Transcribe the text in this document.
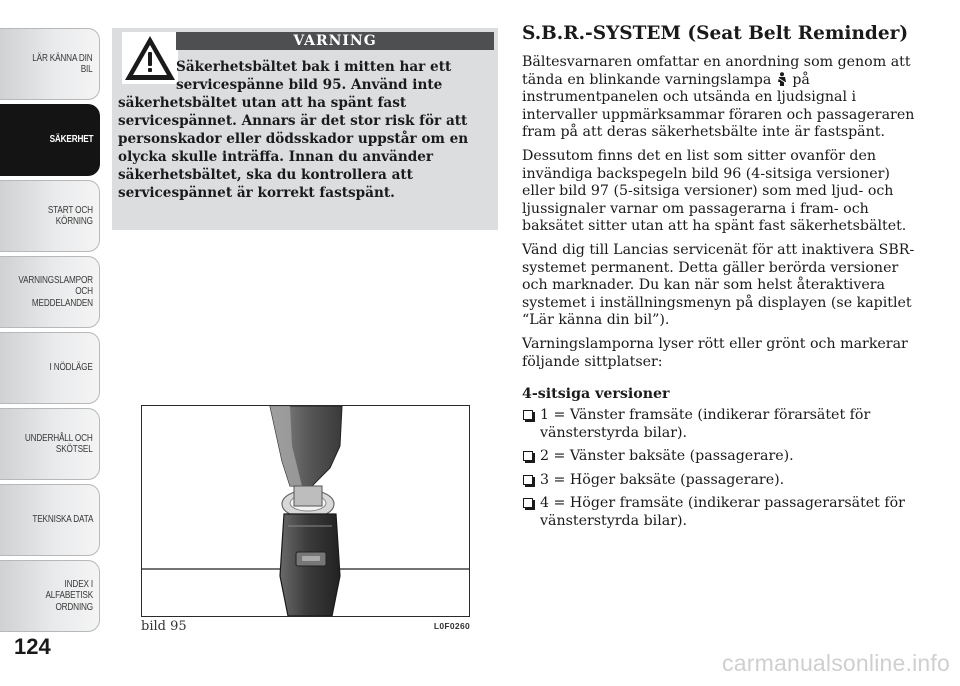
LÄR KÄNNA DIN
BIL
SÄKERHET
START OCH
KÖRNING
VARNINGSLAMPOR
OCH
MEDDELANDEN
I NÖDLÄGE
UNDERHÅLL OCH
SKÖTSEL
TEKNISKA DATA
INDEX I
ALFABETISK
ORDNING
124
VARNING
Säkerhetsbältet bak i mitten har ett servicespänne bild 95. Använd inte säkerhetsbältet utan att ha spänt fast servicespännet. Annars är det stor risk för att personskador eller dödsskador uppstår om en olycka skulle inträffa. Innan du använder säkerhetsbältet, ska du kontrollera att servicespännet är korrekt fastspänt.
bild 95	L0F0260
S.B.R.-SYSTEM (Seat Belt Reminder)

Bältesvarnaren omfattar en anordning som genom att tända en blinkande varningslampa på instrumentpanelen och utsända en ljudsignal i intervaller uppmärksammar föraren och passageraren fram på att deras säkerhetsbälte inte är fastspänt.

Dessutom finns det en list som sitter ovanför den invändiga backspegeln bild 96 (4-sitsiga versioner) eller bild 97 (5-sitsiga versioner) som med ljud- och ljussignaler varnar om passagerarna i fram- och baksätet sitter utan att ha spänt fast säkerhetsbältet.

Vänd dig till Lancias servicenät för att inaktivera SBR-systemet permanent. Detta gäller berörda versioner och marknader. Du kan när som helst återaktivera systemet i inställningsmenyn på displayen (se kapitlet “Lär känna din bil”).

Varningslamporna lyser rött eller grönt och markerar följande sittplatser:

4-sitsiga versioner
1 = Vänster framsäte (indikerar förarsätet för vänsterstyrda bilar).
2 = Vänster baksäte (passagerare).
3 = Höger baksäte (passagerare).
4 = Höger framsäte (indikerar passagerarsätet för vänsterstyrda bilar).
carmanualsonline.info
